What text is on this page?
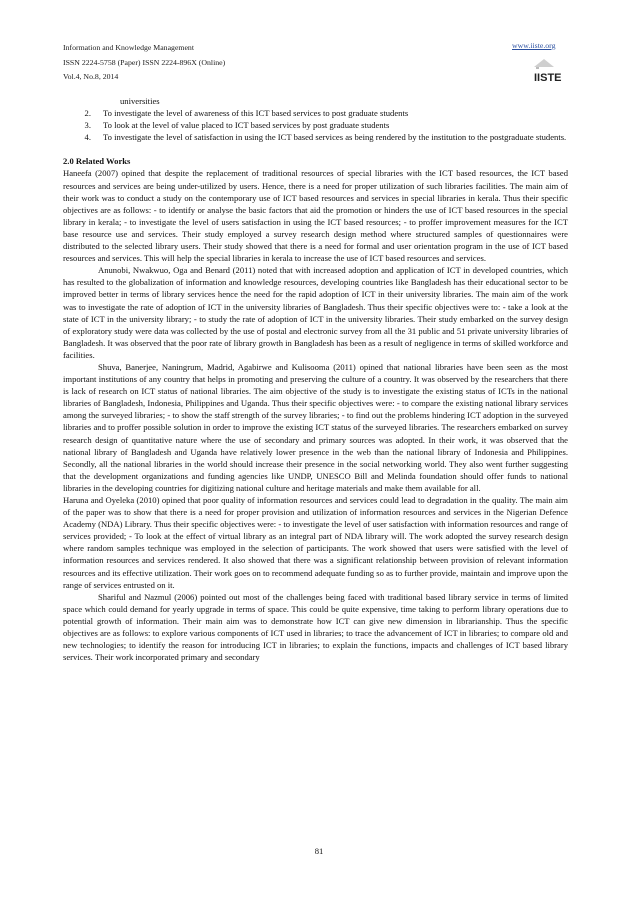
Information and Knowledge Management
ISSN 2224-5758 (Paper) ISSN 2224-896X (Online)
Vol.4, No.8, 2014
www.iiste.org
IISTE
universities
2.	To investigate the level of awareness of this ICT based services to post graduate students
3.	To look at the level of value placed to ICT based services by post graduate students
4.	To investigate the level of satisfaction in using the ICT based services as being rendered by the institution to the postgraduate students.
2.0 Related Works

Haneefa (2007) opined that despite the replacement of traditional resources of special libraries with the ICT based resources, the ICT based resources and services are being under-utilized by users. Hence, there is a need for proper utilization of such libraries facilities. The main aim of their work was to conduct a study on the contemporary use of ICT based resources and services in special libraries in kerala. Thus their specific objectives are as follows: - to identify or analyse the basic factors that aid the promotion or hinders the use of ICT based resources in the special library in kerala; - to investigate the level of users satisfaction in using the ICT based resources; - to proffer improvement measures for the ICT base resource use and services. Their study employed a survey research design method where structured samples of questionnaires were distributed to the selected library users. Their study showed that there is a need for formal and user orientation program in the use of ICT based resources and services. This will help the special libraries in kerala to increase the use of ICT based resources and services.

Anunobi, Nwakwuo, Oga and Benard (2011) noted that with increased adoption and application of ICT in developed countries, which has resulted to the globalization of information and knowledge resources, developing countries like Bangladesh has their educational sector to be improved better in terms of library services hence the need for the rapid adoption of ICT in their university libraries. The main aim of the work was to investigate the rate of adoption of ICT in the university libraries of Bangladesh. Thus their specific objectives were to: - take a look at the state of ICT in the university library; - to study the rate of adoption of ICT in the university libraries. Their study embarked on the survey design of exploratory study were data was collected by the use of postal and electronic survey from all the 31 public and 51 private university libraries of Bangladesh. It was observed that the poor rate of library growth in Bangladesh has been as a result of negligence in terms of skilled workforce and facilities.

Shuva, Banerjee, Naningrum, Madrid, Agabirwe and Kulisooma (2011) opined that national libraries have been seen as the most important institutions of any country that helps in promoting and preserving the culture of a country. It was observed by the researchers that there is lack of research on ICT status of national libraries. The aim objective of the study is to investigate the existing status of ICTs in the national libraries of Bangladesh, Indonesia, Philippines and Uganda. Thus their specific objectives were: - to compare the existing national library services among the surveyed libraries; - to show the staff strength of the survey libraries; - to find out the problems hindering ICT adoption in the surveyed libraries and to proffer possible solution in order to improve the existing ICT status of the surveyed libraries. The researchers embarked on survey research design of quantitative nature where the use of secondary and primary sources was adopted. In their work, it was observed that the national library of Bangladesh and Uganda have relatively lower presence in the web than the national library of Indonesia and Philippines. Secondly, all the national libraries in the world should increase their presence in the social networking world. They also went further suggesting that the development organizations and funding agencies like UNDP, UNESCO Bill and Melinda foundation should offer funds to national libraries in the developing countries for digitizing national culture and heritage materials and make them available for all.

Haruna and Oyeleka (2010) opined that poor quality of information resources and services could lead to degradation in the quality. The main aim of the paper was to show that there is a need for proper provision and utilization of information resources and services in the Nigerian Defence Academy (NDA) Library. Thus their specific objectives were: - to investigate the level of user satisfaction with information resources and range of services provided; - To look at the effect of virtual library as an integral part of NDA library will. The work adopted the survey research design where random samples technique was employed in the selection of participants. The work showed that users were satisfied with the level of information resources and services rendered. It also showed that there was a significant relationship between provision of relevant information resources and its effective utilization. Their work goes on to recommend adequate funding so as to further provide, maintain and improve upon the range of services entrusted on it.

Shariful and Nazmul (2006) pointed out most of the challenges being faced with traditional based library service in terms of limited space which could demand for yearly upgrade in terms of space. This could be quite expensive, time taking to perform library operations due to potential growth of information. Their main aim was to demonstrate how ICT can give new dimension in librarianship. Thus the specific objectives are as follows: to explore various components of ICT used in libraries; to trace the advancement of ICT in libraries; to compare old and new technologies; to identify the reason for introducing ICT in libraries; to explain the functions, impacts and challenges of ICT based library services. Their work incorporated primary and secondary

81
